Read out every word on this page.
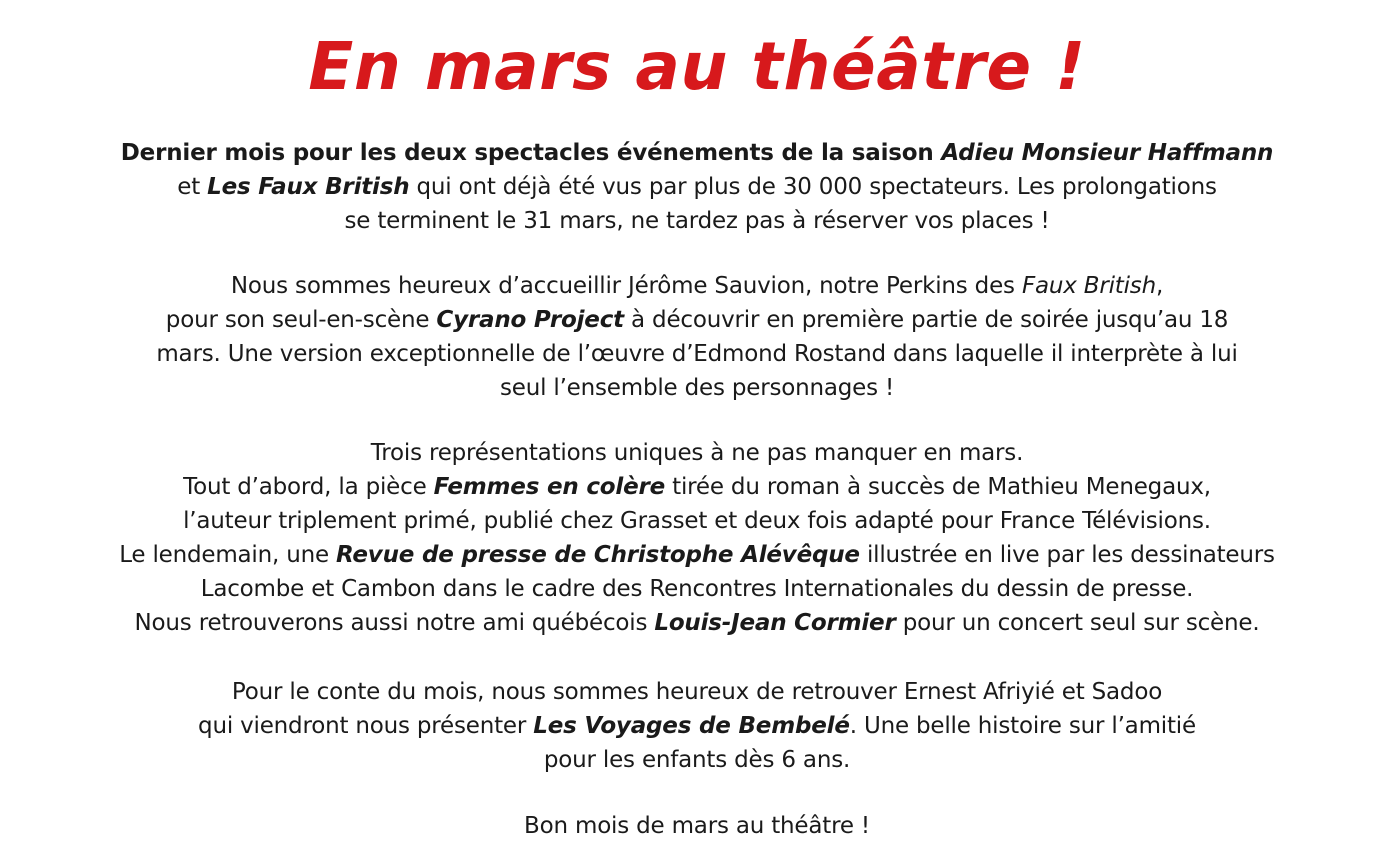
En mars au théâtre !

Dernier mois pour les deux spectacles événements de la saison Adieu Monsieur Haffmann
et Les Faux British qui ont déjà été vus par plus de 30 000 spectateurs. Les prolongations
se terminent le 31 mars, ne tardez pas à réserver vos places !

Nous sommes heureux d’accueillir Jérôme Sauvion, notre Perkins des Faux British,
pour son seul-en-scène Cyrano Project à découvrir en première partie de soirée jusqu’au 18
mars. Une version exceptionnelle de l’œuvre d’Edmond Rostand dans laquelle il interprète à lui
seul l’ensemble des personnages !

Trois représentations uniques à ne pas manquer en mars.
Tout d’abord, la pièce Femmes en colère tirée du roman à succès de Mathieu Menegaux,
l’auteur triplement primé, publié chez Grasset et deux fois adapté pour France Télévisions.
Le lendemain, une Revue de presse de Christophe Alévêque illustrée en live par les dessinateurs
Lacombe et Cambon dans le cadre des Rencontres Internationales du dessin de presse.
Nous retrouverons aussi notre ami québécois Louis-Jean Cormier pour un concert seul sur scène.

Pour le conte du mois, nous sommes heureux de retrouver Ernest Afriyié et Sadoo
qui viendront nous présenter Les Voyages de Bembelé. Une belle histoire sur l’amitié
pour les enfants dès 6 ans.

Bon mois de mars au théâtre !
